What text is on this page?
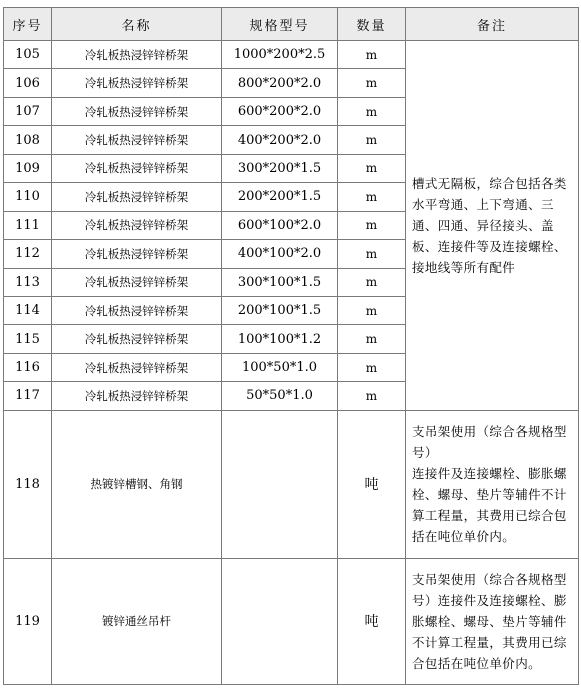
序号	名称	规格型号	数量	备注
105	冷轧板热浸锌锌桥架	1000*200*2.5	m	槽式无隔板，综合包括各类水平弯通、上下弯通、三通、四通、异径接头、盖板、连接件等及连接螺栓、接地线等所有配件
106	冷轧板热浸锌锌桥架	800*200*2.0	m	
107	冷轧板热浸锌锌桥架	600*200*2.0	m	
108	冷轧板热浸锌锌桥架	400*200*2.0	m	
109	冷轧板热浸锌锌桥架	300*200*1.5	m	
110	冷轧板热浸锌锌桥架	200*200*1.5	m	
111	冷轧板热浸锌锌桥架	600*100*2.0	m	
112	冷轧板热浸锌锌桥架	400*100*2.0	m	
113	冷轧板热浸锌锌桥架	300*100*1.5	m	
114	冷轧板热浸锌锌桥架	200*100*1.5	m	
115	冷轧板热浸锌锌桥架	100*100*1.2	m	
116	冷轧板热浸锌锌桥架	100*50*1.0	m	
117	冷轧板热浸锌锌桥架	50*50*1.0	m	
118	热镀锌槽钢、角钢		吨	支吊架使用（综合各规格型号）
连接件及连接螺栓、膨胀螺栓、螺母、垫片等辅件不计算工程量，其费用已综合包括在吨位单价内。

119	镀锌通丝吊杆		吨	支吊架使用（综合各规格型号）连接件及连接螺栓、膨胀螺栓、螺母、垫片等辅件不计算工程量，其费用已综合包括在吨位单价内。
